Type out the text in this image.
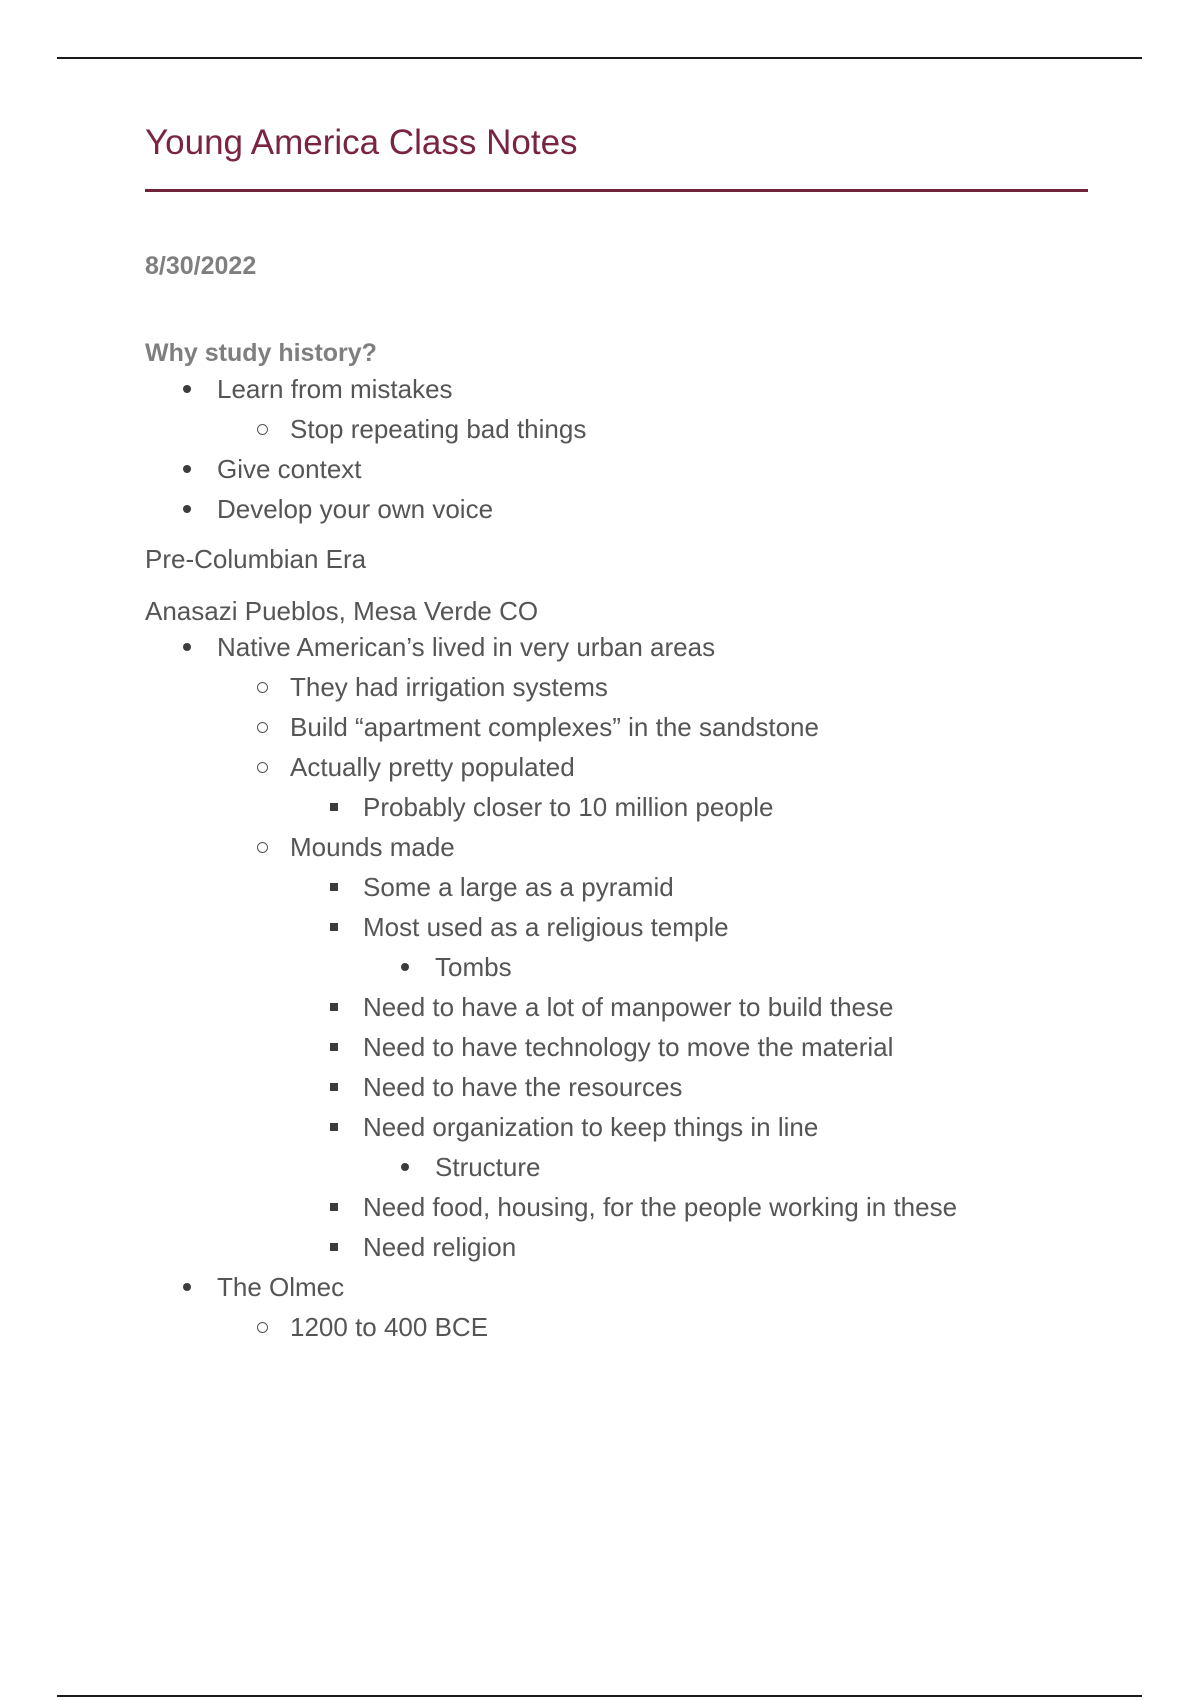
Young America Class Notes
8/30/2022
Why study history?
Learn from mistakes
Stop repeating bad things
Give context
Develop your own voice
Pre-Columbian Era
Anasazi Pueblos, Mesa Verde CO
Native American’s lived in very urban areas
They had irrigation systems
Build “apartment complexes” in the sandstone
Actually pretty populated
Probably closer to 10 million people
Mounds made
Some a large as a pyramid
Most used as a religious temple
Tombs
Need to have a lot of manpower to build these
Need to have technology to move the material
Need to have the resources
Need organization to keep things in line
Structure
Need food, housing, for the people working in these
Need religion
The Olmec
1200 to 400 BCE
